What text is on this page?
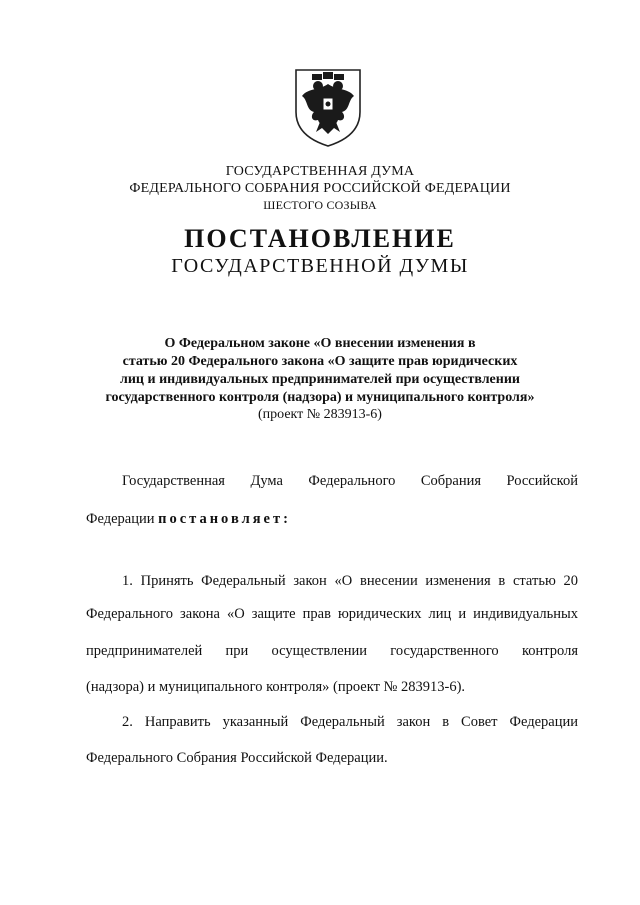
ГОСУДАРСТВЕННАЯ ДУМА
ФЕДЕРАЛЬНОГО СОБРАНИЯ РОССИЙСКОЙ ФЕДЕРАЦИИ
ШЕСТОГО СОЗЫВА
ПОСТАНОВЛЕНИЕ
ГОСУДАРСТВЕННОЙ ДУМЫ
О Федеральном законе «О внесении изменения в
статью 20 Федерального закона «О защите прав юридических
лиц и индивидуальных предпринимателей при осуществлении
государственного контроля (надзора) и муниципального контроля»
(проект № 283913-6)
Государственная Дума Федерального Собрания Российской
Федерации постановляет:
1. Принять Федеральный закон «О внесении изменения в статью 20
Федерального закона «О защите прав юридических лиц и индивидуальных
предпринимателей при осуществлении государственного контроля
(надзора) и муниципального контроля» (проект № 283913-6).
2. Направить указанный Федеральный закон в Совет Федерации
Федерального Собрания Российской Федерации.
